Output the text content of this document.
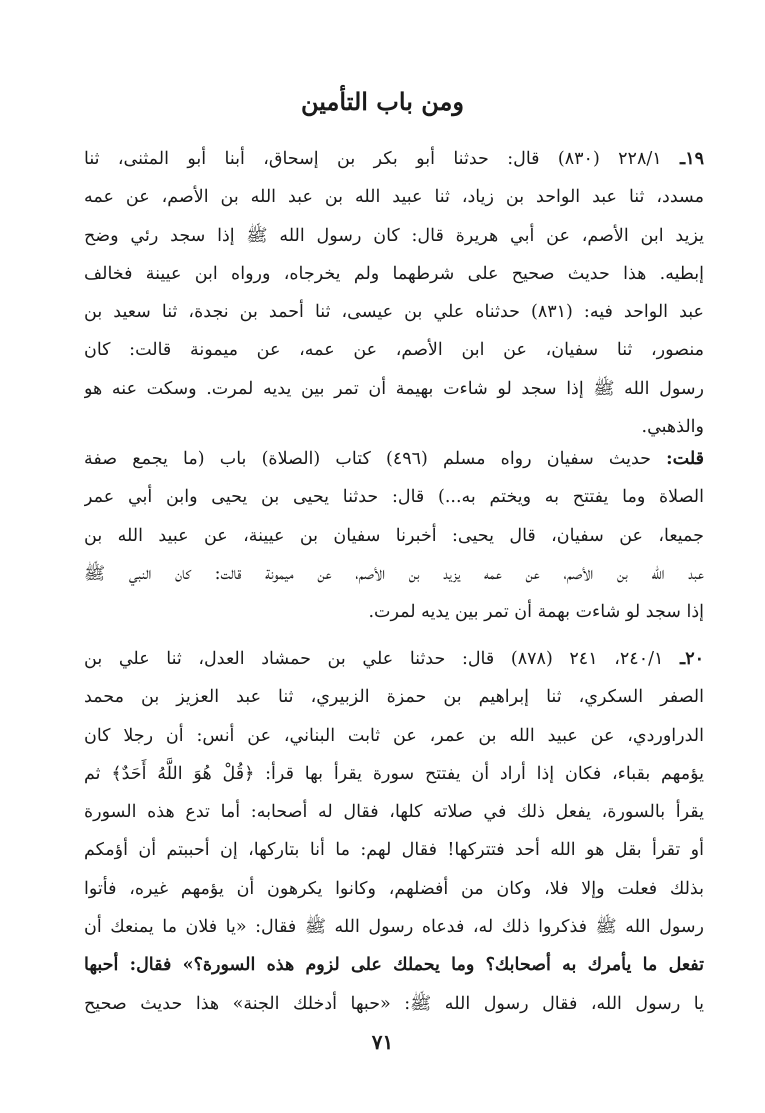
ومن باب التأمين
١٩ـ ٢٢٨/١ (٨٣٠) قال: حدثنا أبو بكر بن إسحاق، أبنا أبو المثنى، ثنا
مسدد، ثنا عبد الواحد بن زياد، ثنا عبيد الله بن عبد الله بن الأصم، عن عمه
يزيد ابن الأصم، عن أبي هريرة قال: كان رسول الله ﷺ إذا سجد رئي وضح
إبطيه. هذا حديث صحيح على شرطهما ولم يخرجاه، ورواه ابن عيينة فخالف
عبد الواحد فيه: (٨٣١) حدثناه علي بن عيسى، ثنا أحمد بن نجدة، ثنا سعيد بن
منصور، ثنا سفيان، عن ابن الأصم، عن عمه، عن ميمونة قالت: كان
رسول الله ﷺ إذا سجد لو شاءت بهيمة أن تمر بين يديه لمرت. وسكت عنه هو
والذهبي.
قلت: حديث سفيان رواه مسلم (٤٩٦) كتاب (الصلاة) باب (ما يجمع صفة
الصلاة وما يفتتح به ويختم به...) قال: حدثنا يحيى بن يحيى وابن أبي عمر
جميعا، عن سفيان، قال يحيى: أخبرنا سفيان بن عيينة، عن عبيد الله بن
عبد الله بن الأصم، عن عمه يزيد بن الأصم، عن ميمونة قالت: كان النبي ﷺ
إذا سجد لو شاءت بهمة أن تمر بين يديه لمرت.
٢٠ـ ٢٤٠/١، ٢٤١ (٨٧٨) قال: حدثنا علي بن حمشاد العدل، ثنا علي بن
الصفر السكري، ثنا إبراهيم بن حمزة الزبيري، ثنا عبد العزيز بن محمد
الدراوردي، عن عبيد الله بن عمر، عن ثابت البناني، عن أنس: أن رجلا كان
يؤمهم بقباء، فكان إذا أراد أن يفتتح سورة يقرأ بها قرأ: ﴿قُلْ هُوَ اللَّهُ أَحَدٌ﴾ ثم
يقرأ بالسورة، يفعل ذلك في صلاته كلها، فقال له أصحابه: أما تدع هذه السورة
أو تقرأ بقل هو الله أحد فتتركها! فقال لهم: ما أنا بتاركها، إن أحببتم أن أؤمكم
بذلك فعلت وإلا فلا، وكان من أفضلهم، وكانوا يكرهون أن يؤمهم غيره، فأتوا
رسول الله ﷺ فذكروا ذلك له، فدعاه رسول الله ﷺ فقال: «يا فلان ما يمنعك أن
تفعل ما يأمرك به أصحابك؟ وما يحملك على لزوم هذه السورة؟» فقال: أحبها
يا رسول الله، فقال رسول الله ﷺ: «حبها أدخلك الجنة» هذا حديث صحيح
٧١
